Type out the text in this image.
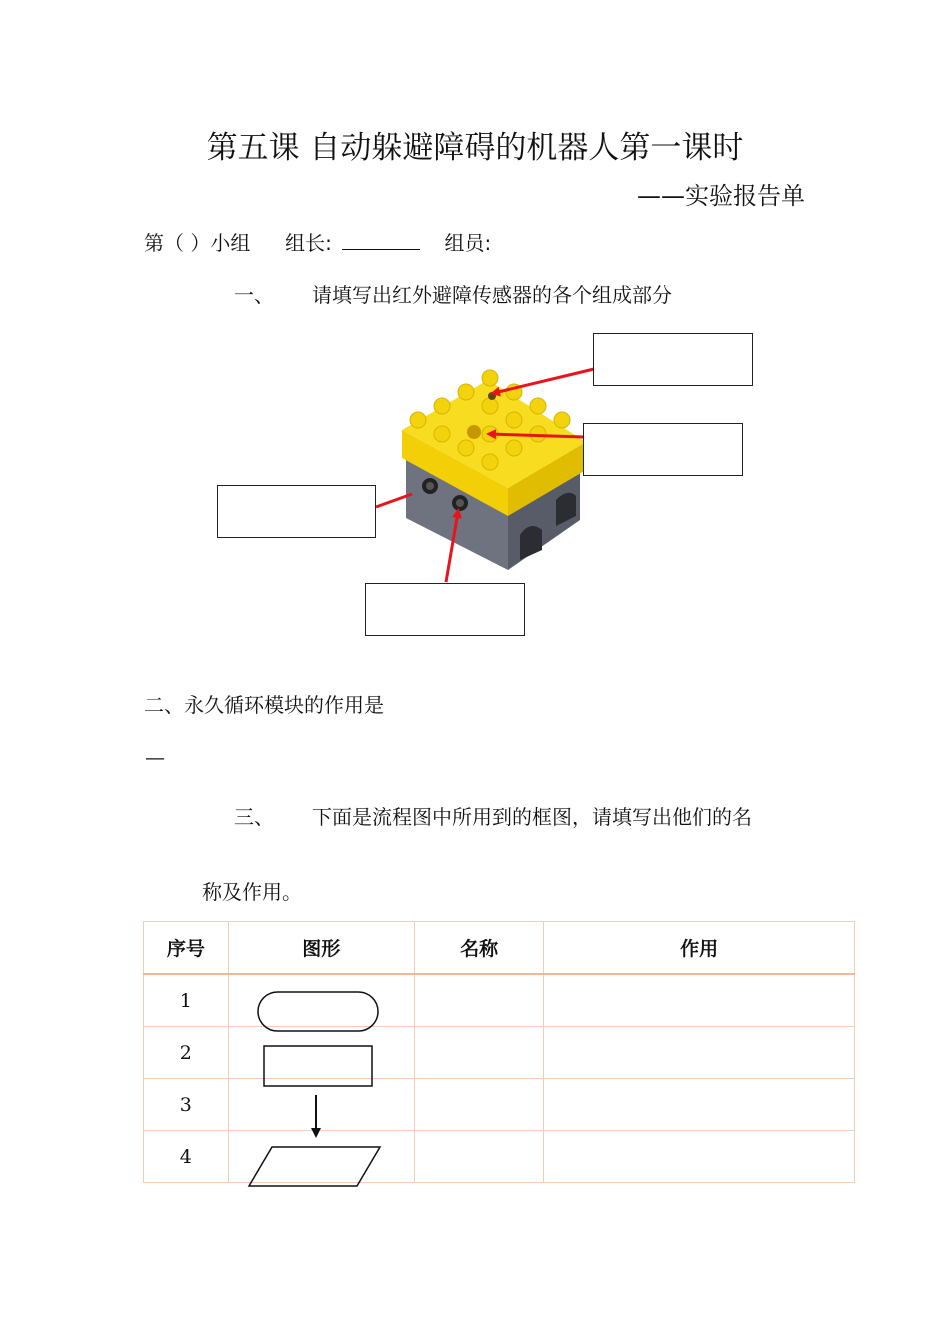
第五课 自动躲避障碍的机器人第一课时
——实验报告单
第（ ）小组 组长:	组员:
一、 请填写出红外避障传感器的各个组成部分
二、永久循环模块的作用是
—
三、 下面是流程图中所用到的框图，请填写出他们的名
称及作用。
序号	图形	名称	作用
1			
2			
3			
4			
